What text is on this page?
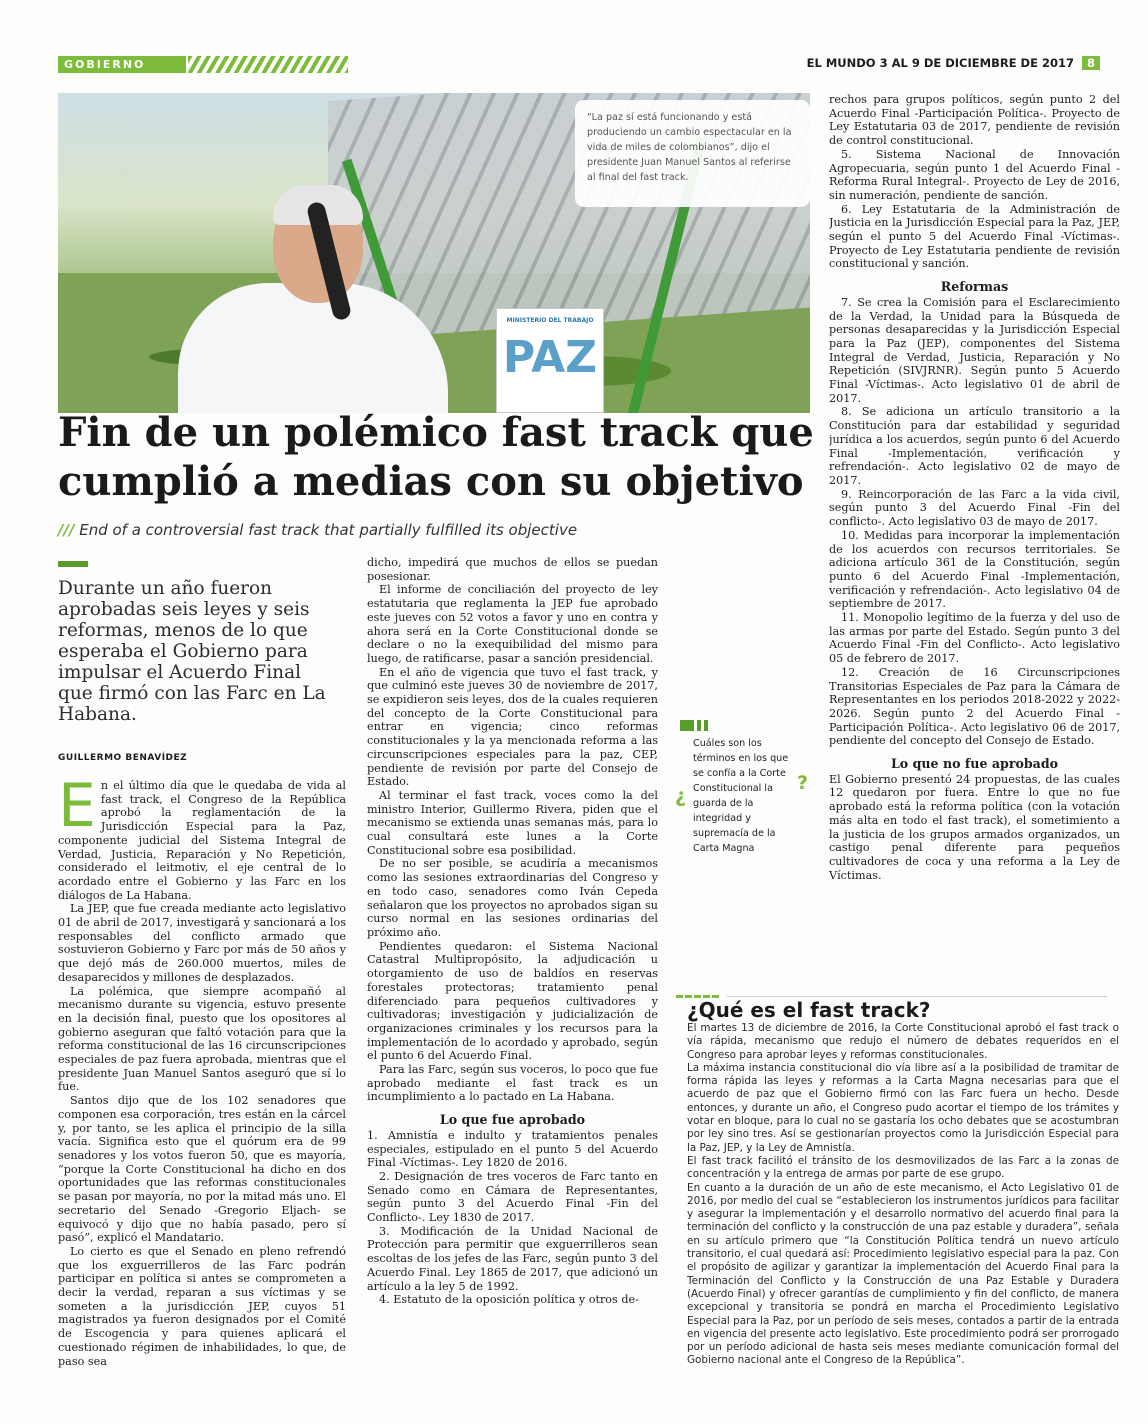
GOBIERNO	EL MUNDO 3 AL 9 DE DICIEMBRE DE 2017 8
MINISTERIO DEL TRABAJO
PAZ
“La paz sí está funcionando y está produciendo un cambio espectacular en la vida de miles de colombianos”, dijo el presidente Juan Manuel Santos al referirse al final del fast track.
Fin de un polémico fast track que cumplió a medias con su objetivo
/// End of a controversial fast track that partially fulfilled its objective
Durante un año fueron aprobadas seis leyes y seis reformas, menos de lo que esperaba el Gobierno para impulsar el Acuerdo Final que firmó con las Farc en La Habana.
GUILLERMO BENAVÍDEZ

En el último día que le quedaba de vida al fast track, el Congreso de la República aprobó la reglamentación de la Jurisdicción Especial para la Paz, componente judicial del Sistema Integral de Verdad, Justicia, Reparación y No Repetición, considerado el leitmotiv, el eje central de lo acordado entre el Gobierno y las Farc en los diálogos de La Habana.

La JEP, que fue creada mediante acto legislativo 01 de abril de 2017, investigará y sancionará a los responsables del conflicto armado que sostuvieron Gobierno y Farc por más de 50 años y que dejó más de 260.000 muertos, miles de desaparecidos y millones de desplazados.

La polémica, que siempre acompañó al mecanismo durante su vigencia, estuvo presente en la decisión final, puesto que los opositores al gobierno aseguran que faltó votación para que la reforma constitucional de las 16 circunscripciones especiales de paz fuera aprobada, mientras que el presidente Juan Manuel Santos aseguró que sí lo fue.

Santos dijo que de los 102 senadores que componen esa corporación, tres están en la cárcel y, por tanto, se les aplica el principio de la silla vacía. Significa esto que el quórum era de 99 senadores y los votos fueron 50, que es mayoría, “porque la Corte Constitucional ha dicho en dos oportunidades que las reformas constitucionales se pasan por mayoría, no por la mitad más uno. El secretario del Senado -Gregorio Eljach- se equivocó y dijo que no había pasado, pero sí pasó”, explicó el Mandatario.

Lo cierto es que el Senado en pleno refrendó que los exguerrilleros de las Farc podrán participar en política si antes se comprometen a decir la verdad, reparan a sus víctimas y se someten a la jurisdicción JEP, cuyos 51 magistrados ya fueron designados por el Comité de Escogencia y para quienes aplicará el cuestionado régimen de inhabilidades, lo que, de paso sea

dicho, impedirá que muchos de ellos se puedan posesionar.

El informe de conciliación del proyecto de ley estatutaria que reglamenta la JEP fue aprobado este jueves con 52 votos a favor y uno en contra y ahora será en la Corte Constitucional donde se declare o no la exequibilidad del mismo para luego, de ratificarse, pasar a sanción presidencial.

En el año de vigencia que tuvo el fast track, y que culminó este jueves 30 de noviembre de 2017, se expidieron seis leyes, dos de la cuales requieren del concepto de la Corte Constitucional para entrar en vigencia; cinco reformas constitucionales y la ya mencionada reforma a las circunscripciones especiales para la paz, CEP, pendiente de revisión por parte del Consejo de Estado.

Al terminar el fast track, voces como la del ministro Interior, Guillermo Rivera, piden que el mecanismo se extienda unas semanas más, para lo cual consultará este lunes a la Corte Constitucional sobre esa posibilidad.

De no ser posible, se acudiría a mecanismos como las sesiones extraordinarias del Congreso y en todo caso, senadores como Iván Cepeda señalaron que los proyectos no aprobados sigan su curso normal en las sesiones ordinarias del próximo año.

Pendientes quedaron: el Sistema Nacional Catastral Multipropósito, la adjudicación u otorgamiento de uso de baldíos en reservas forestales protectoras; tratamiento penal diferenciado para pequeños cultivadores y cultivadoras; investigación y judicialización de organizaciones criminales y los recursos para la implementación de lo acordado y aprobado, según el punto 6 del Acuerdo Final.

Para las Farc, según sus voceros, lo poco que fue aprobado mediante el fast track es un incumplimiento a lo pactado en La Habana.

Lo que fue aprobado

1. Amnistía e indulto y tratamientos penales especiales, estipulado en el punto 5 del Acuerdo Final -Víctimas-. Ley 1820 de 2016.

2. Designación de tres voceros de Farc tanto en Senado como en Cámara de Representantes, según punto 3 del Acuerdo Final -Fin del Conflicto-. Ley 1830 de 2017.

3. Modificación de la Unidad Nacional de Protección para permitir que exguerrilleros sean escoltas de los jefes de las Farc, según punto 3 del Acuerdo Final. Ley 1865 de 2017, que adicionó un artículo a la ley 5 de 1992.

4. Estatuto de la oposición política y otros de-

¿
?
Cuáles son los términos en los que se confía a la Corte Constitucional la guarda de la integridad y supremacía de la Carta Magna

rechos para grupos políticos, según punto 2 del Acuerdo Final -Participación Política-. Proyecto de Ley Estatutaria 03 de 2017, pendiente de revisión de control constitucional.

5. Sistema Nacional de Innovación Agropecuaria, según punto 1 del Acuerdo Final -Reforma Rural Integral-. Proyecto de Ley de 2016, sin numeración, pendiente de sanción.

6. Ley Estatutaria de la Administración de Justicia en la Jurisdicción Especial para la Paz, JEP, según el punto 5 del Acuerdo Final -Víctimas-. Proyecto de Ley Estatutaria pendiente de revisión constitucional y sanción.

Reformas

7. Se crea la Comisión para el Esclarecimiento de la Verdad, la Unidad para la Búsqueda de personas desaparecidas y la Jurisdicción Especial para la Paz (JEP), componentes del Sistema Integral de Verdad, Justicia, Reparación y No Repetición (SIVJRNR). Según punto 5 Acuerdo Final -Víctimas-. Acto legislativo 01 de abril de 2017.

8. Se adiciona un artículo transitorio a la Constitución para dar estabilidad y seguridad jurídica a los acuerdos, según punto 6 del Acuerdo Final -Implementación, verificación y refrendación-. Acto legislativo 02 de mayo de 2017.

9. Reincorporación de las Farc a la vida civil, según punto 3 del Acuerdo Final -Fin del conflicto-. Acto legislativo 03 de mayo de 2017.

10. Medidas para incorporar la implementación de los acuerdos con recursos territoriales. Se adiciona artículo 361 de la Constitución, según punto 6 del Acuerdo Final -Implementación, verificación y refrendación-. Acto legislativo 04 de septiembre de 2017.

11. Monopolio legítimo de la fuerza y del uso de las armas por parte del Estado. Según punto 3 del Acuerdo Final -Fin del Conflicto-. Acto legislativo 05 de febrero de 2017.

12. Creación de 16 Circunscripciones Transitorias Especiales de Paz para la Cámara de Representantes en los periodos 2018-2022 y 2022-2026. Según punto 2 del Acuerdo Final -Participación Política-. Acto legislativo 06 de 2017, pendiente del concepto del Consejo de Estado.

Lo que no fue aprobado

El Gobierno presentó 24 propuestas, de las cuales 12 quedaron por fuera. Entre lo que no fue aprobado está la reforma política (con la votación más alta en todo el fast track), el sometimiento a la justicia de los grupos armados organizados, un castigo penal diferente para pequeños cultivadores de coca y una reforma a la Ley de Víctimas.

¿Qué es el fast track?

El martes 13 de diciembre de 2016, la Corte Constitucional aprobó el fast track o vía rápida, mecanismo que redujo el número de debates requeridos en el Congreso para aprobar leyes y reformas constitucionales.

La máxima instancia constitucional dio vía libre así a la posibilidad de tramitar de forma rápida las leyes y reformas a la Carta Magna necesarias para que el acuerdo de paz que el Gobierno firmó con las Farc fuera un hecho. Desde entonces, y durante un año, el Congreso pudo acortar el tiempo de los trámites y votar en bloque, para lo cual no se gastaría los ocho debates que se acostumbran por ley sino tres. Así se gestionarían proyectos como la Jurisdicción Especial para la Paz, JEP, y la Ley de Amnistía.

El fast track facilitó el tránsito de los desmovilizados de las Farc a la zonas de concentración y la entrega de armas por parte de ese grupo.

En cuanto a la duración de un año de este mecanismo, el Acto Legislativo 01 de 2016, por medio del cual se “establecieron los instrumentos jurídicos para facilitar y asegurar la implementación y el desarrollo normativo del acuerdo final para la terminación del conflicto y la construcción de una paz estable y duradera”, señala en su artículo primero que “la Constitución Política tendrá un nuevo artículo transitorio, el cual quedará así: Procedimiento legislativo especial para la paz. Con el propósito de agilizar y garantizar la implementación del Acuerdo Final para la Terminación del Conflicto y la Construcción de una Paz Estable y Duradera (Acuerdo Final) y ofrecer garantías de cumplimiento y fin del conflicto, de manera excepcional y transitoria se pondrá en marcha el Procedimiento Legislativo Especial para la Paz, por un período de seis meses, contados a partir de la entrada en vigencia del presente acto legislativo. Este procedimiento podrá ser prorrogado por un período adicional de hasta seis meses mediante comunicación formal del Gobierno nacional ante el Congreso de la República”.
